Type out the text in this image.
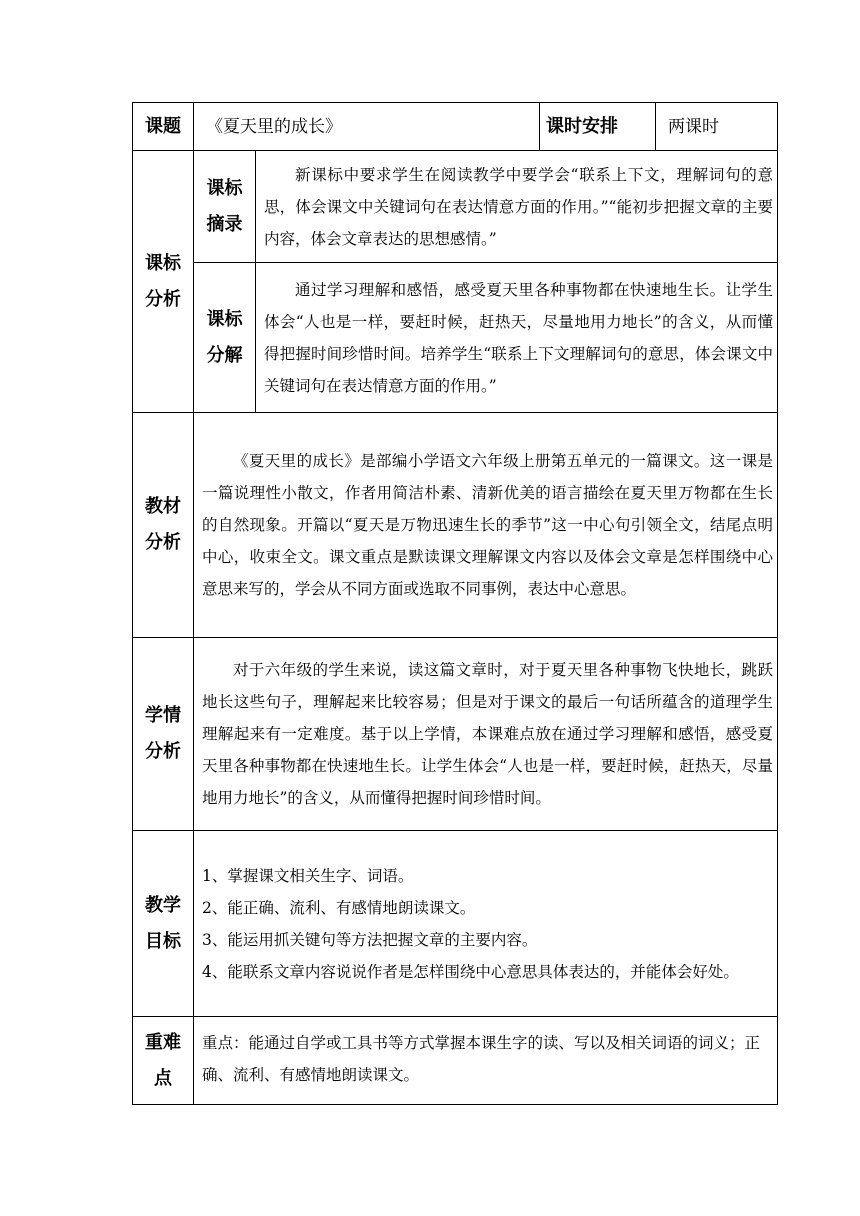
课题	《夏天里的成长》		课时安排	两课时

课标分析	课标摘录	新课标中要求学生在阅读教学中要学会“联系上下文，理解词句的意思，体会课文中关键词句在表达情意方面的作用。”“能初步把握文章的主要内容，体会文章表达的思想感情。”		

	课标分解	通过学习理解和感悟，感受夏天里各种事物都在快速地生长。让学生体会“人也是一样，要赶时候，赶热天，尽量地用力地长”的含义，从而懂得把握时间珍惜时间。培养学生“联系上下文理解词句的意思，体会课文中关键词句在表达情意方面的作用。”		

教材分析	《夏天里的成长》是部编小学语文六年级上册第五单元的一篇课文。这一课是一篇说理性小散文，作者用简洁朴素、清新优美的语言描绘在夏天里万物都在生长的自然现象。开篇以“夏天是万物迅速生长的季节”这一中心句引领全文，结尾点明中心，收束全文。课文重点是默读课文理解课文内容以及体会文章是怎样围绕中心意思来写的，学会从不同方面或选取不同事例，表达中心意思。			

学情分析	对于六年级的学生来说，读这篇文章时，对于夏天里各种事物飞快地长，跳跃地长这些句子，理解起来比较容易；但是对于课文的最后一句话所蕴含的道理学生理解起来有一定难度。基于以上学情，本课难点放在通过学习理解和感悟，感受夏天里各种事物都在快速地生长。让学生体会“人也是一样，要赶时候，赶热天，尽量地用力地长”的含义，从而懂得把握时间珍惜时间。			

教学目标	1、掌握课文相关生字、词语。
2、能正确、流利、有感情地朗读课文。
3、能运用抓关键句等方法把握文章的主要内容。
4、能联系文章内容说说作者是怎样围绕中心意思具体表达的，并能体会好处。			

重难点	重点：能通过自学或工具书等方式掌握本课生字的读、写以及相关词语的词义；正确、流利、有感情地朗读课文。			
